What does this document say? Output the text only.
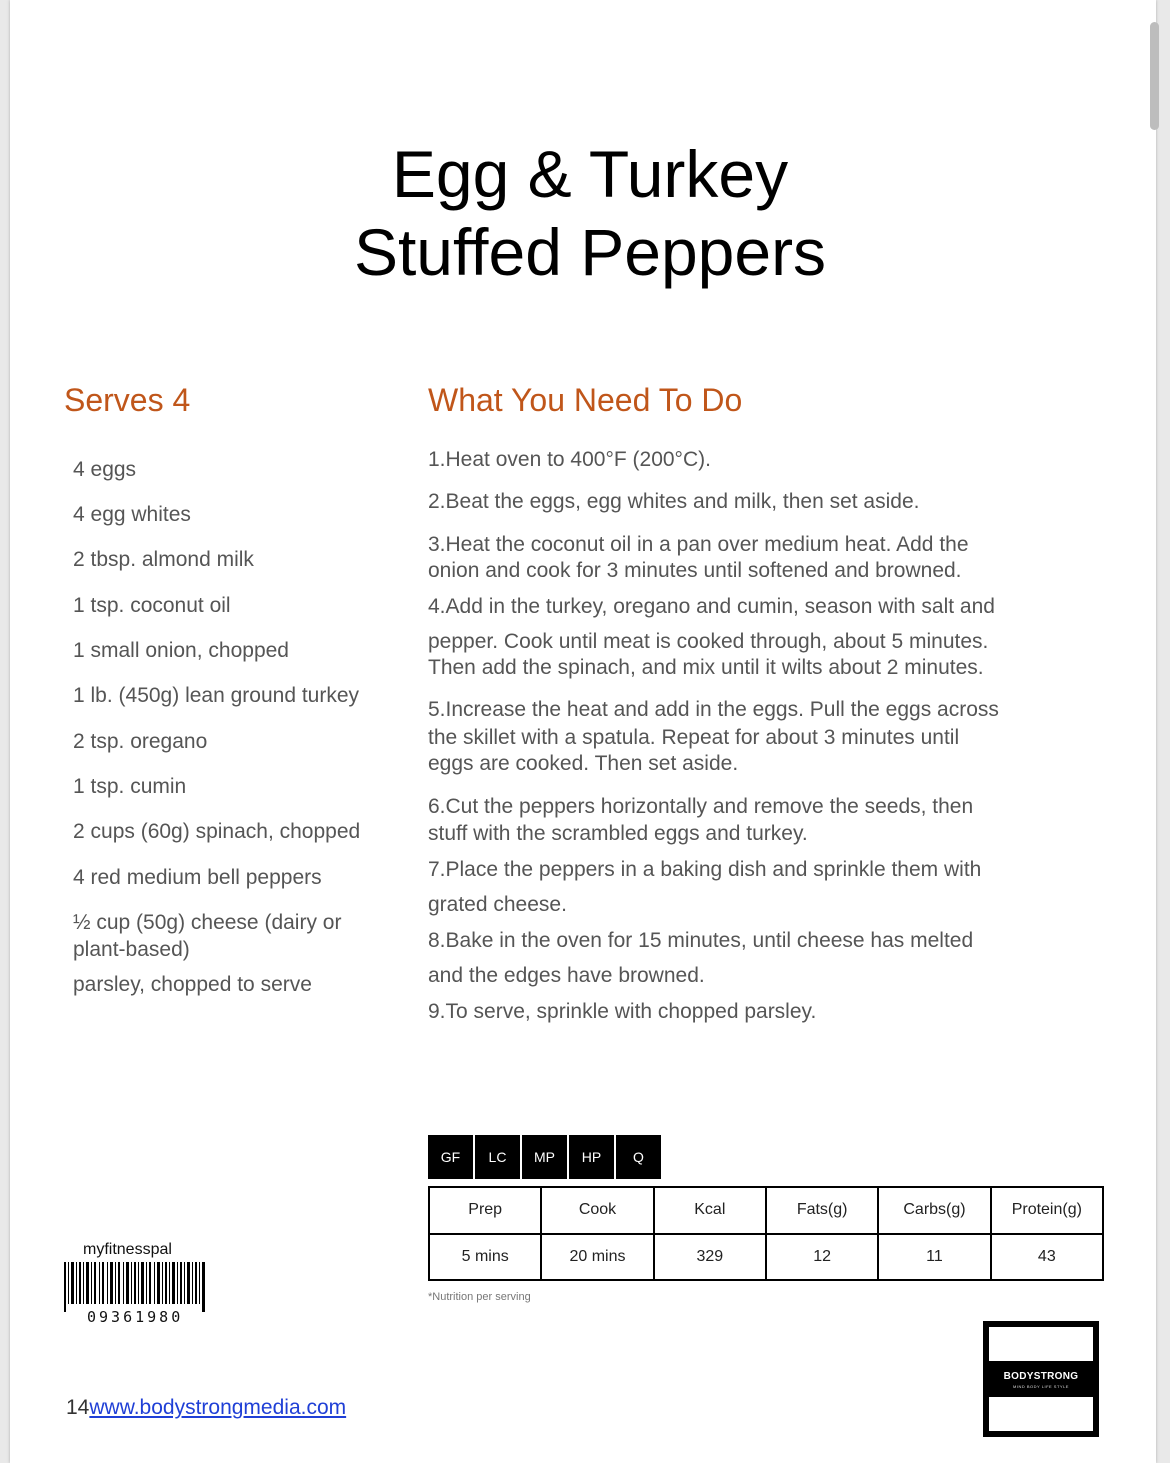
Egg & Turkey
Stuffed Peppers
Serves 4	What You Need To Do
4 eggs
4 egg whites
2 tbsp. almond milk
1 tsp. coconut oil
1 small onion, chopped
1 lb. (450g) lean ground turkey
2 tsp. oregano
1 tsp. cumin
2 cups (60g) spinach, chopped
4 red medium bell peppers
½ cup (50g) cheese (dairy or
plant-based)
parsley, chopped to serve
1.Heat oven to 400°F (200°C).
2.Beat the eggs, egg whites and milk, then set aside.
3.Heat the coconut oil in a pan over medium heat. Add the
onion and cook for 3 minutes until softened and browned.
4.Add in the turkey, oregano and cumin, season with salt and
pepper. Cook until meat is cooked through, about 5 minutes.
Then add the spinach, and mix until it wilts about 2 minutes.
5.Increase the heat and add in the eggs. Pull the eggs across
the skillet with a spatula. Repeat for about 3 minutes until
eggs are cooked. Then set aside.
6.Cut the peppers horizontally and remove the seeds, then
stuff with the scrambled eggs and turkey.
7.Place the peppers in a baking dish and sprinkle them with
grated cheese.
8.Bake in the oven for 15 minutes, until cheese has melted
and the edges have browned.
9.To serve, sprinkle with chopped parsley.
GF	LC	MP	HP	Q
Prep	Cook	Kcal	Fats(g)	Carbs(g)	Protein(g)
5 mins	20 mins	329	12	11	43
*Nutrition per serving
myfitnesspal
09361980
14www.bodystrongmedia.com
BODYSTRONG
MIND BODY LIFE STYLE
